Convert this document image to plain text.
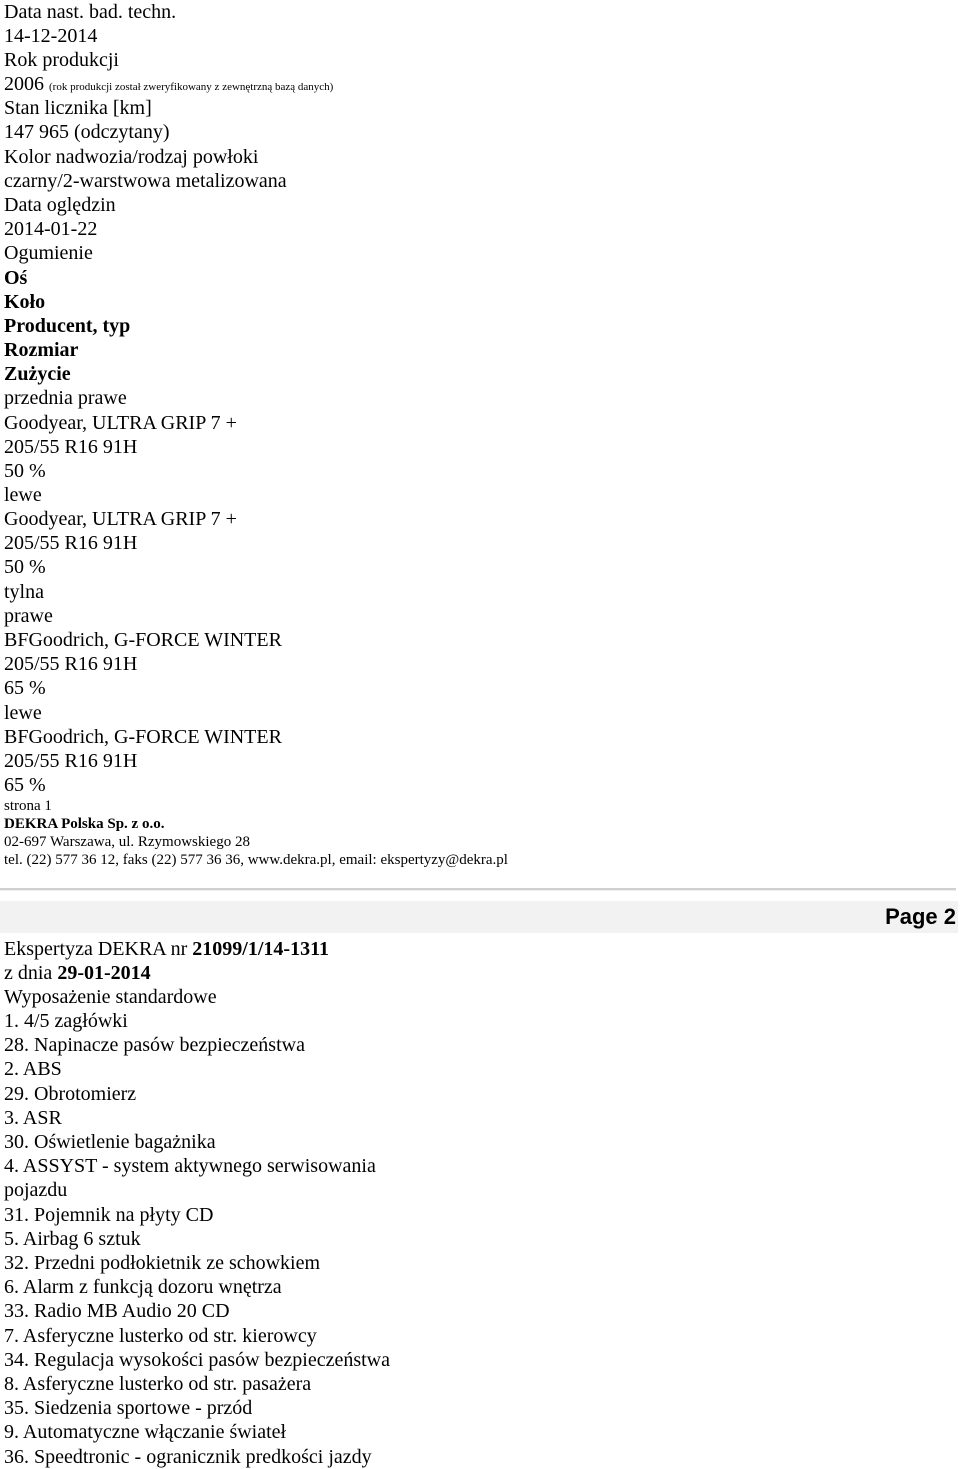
Data nast. bad. techn.
14-12-2014
Rok produkcji
2006 (rok produkcji został zweryfikowany z zewnętrzną bazą danych)
Stan licznika [km]
147 965 (odczytany)
Kolor nadwozia/rodzaj powłoki
czarny/2-warstwowa metalizowana
Data oględzin
2014-01-22
Ogumienie
Oś
Koło
Producent, typ
Rozmiar
Zużycie
przednia prawe
Goodyear, ULTRA GRIP 7 +
205/55 R16 91H
50 %
lewe
Goodyear, ULTRA GRIP 7 +
205/55 R16 91H
50 %
tylna
prawe
BFGoodrich, G-FORCE WINTER
205/55 R16 91H
65 %
lewe
BFGoodrich, G-FORCE WINTER
205/55 R16 91H
65 %
strona 1
DEKRA Polska Sp. z o.o.
02-697 Warszawa, ul. Rzymowskiego 28
tel. (22) 577 36 12, faks (22) 577 36 36, www.dekra.pl, email: ekspertyzy@dekra.pl
Page 2
Ekspertyza DEKRA nr 21099/1/14-1311
z dnia 29-01-2014
Wyposażenie standardowe
1. 4/5 zagłówki
28. Napinacze pasów bezpieczeństwa
2. ABS
29. Obrotomierz
3. ASR
30. Oświetlenie bagażnika
4. ASSYST - system aktywnego serwisowania
pojazdu
31. Pojemnik na płyty CD
5. Airbag 6 sztuk
32. Przedni podłokietnik ze schowkiem
6. Alarm z funkcją dozoru wnętrza
33. Radio MB Audio 20 CD
7. Asferyczne lusterko od str. kierowcy
34. Regulacja wysokości pasów bezpieczeństwa
8. Asferyczne lusterko od str. pasażera
35. Siedzenia sportowe - przód
9. Automatyczne włączanie świateł
36. Speedtronic - ogranicznik predkości jazdy
